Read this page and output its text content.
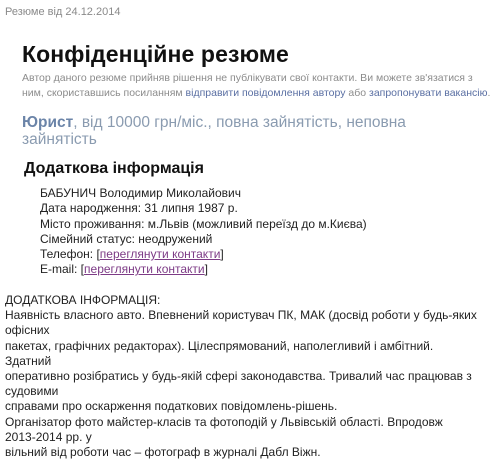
Резюме від 24.12.2014
Конфіденційне резюме
Автор даного резюме прийняв рішення не публікувати свої контакти. Ви можете зв'язатися з ним, скориставшись посиланням відправити повідомлення автору або запропонувати вакансію.
Юрист, від 10000 грн/міс., повна зайнятість, неповна зайнятість
Додаткова інформація
БАБУНИЧ Володимир Миколайович
Дата народження: 31 липня 1987 р.
Місто проживання: м.Львів (можливий переїзд до м.Києва)
Сімейний статус: неодружений
Телефон: [переглянути контакти]
E-mail: [переглянути контакти]
ДОДАТКОВА ІНФОРМАЦІЯ:
Наявність власного авто. Впевнений користувач ПК, МАК (досвід роботи у будь-яких
офісних
пакетах, графічних редакторах). Цілеспрямований, наполегливий і амбітний.
Здатний
оперативно розібратись у будь-якій сфері законодавства. Тривалий час працював з
судовими
справами про оскарження податкових повідомлень-рішень.
Організатор фото майстер-класів та фотоподій у Львівській області. Впродовж
2013-2014 рр. у
вільний від роботи час – фотограф в журналі Дабл Віжн.
